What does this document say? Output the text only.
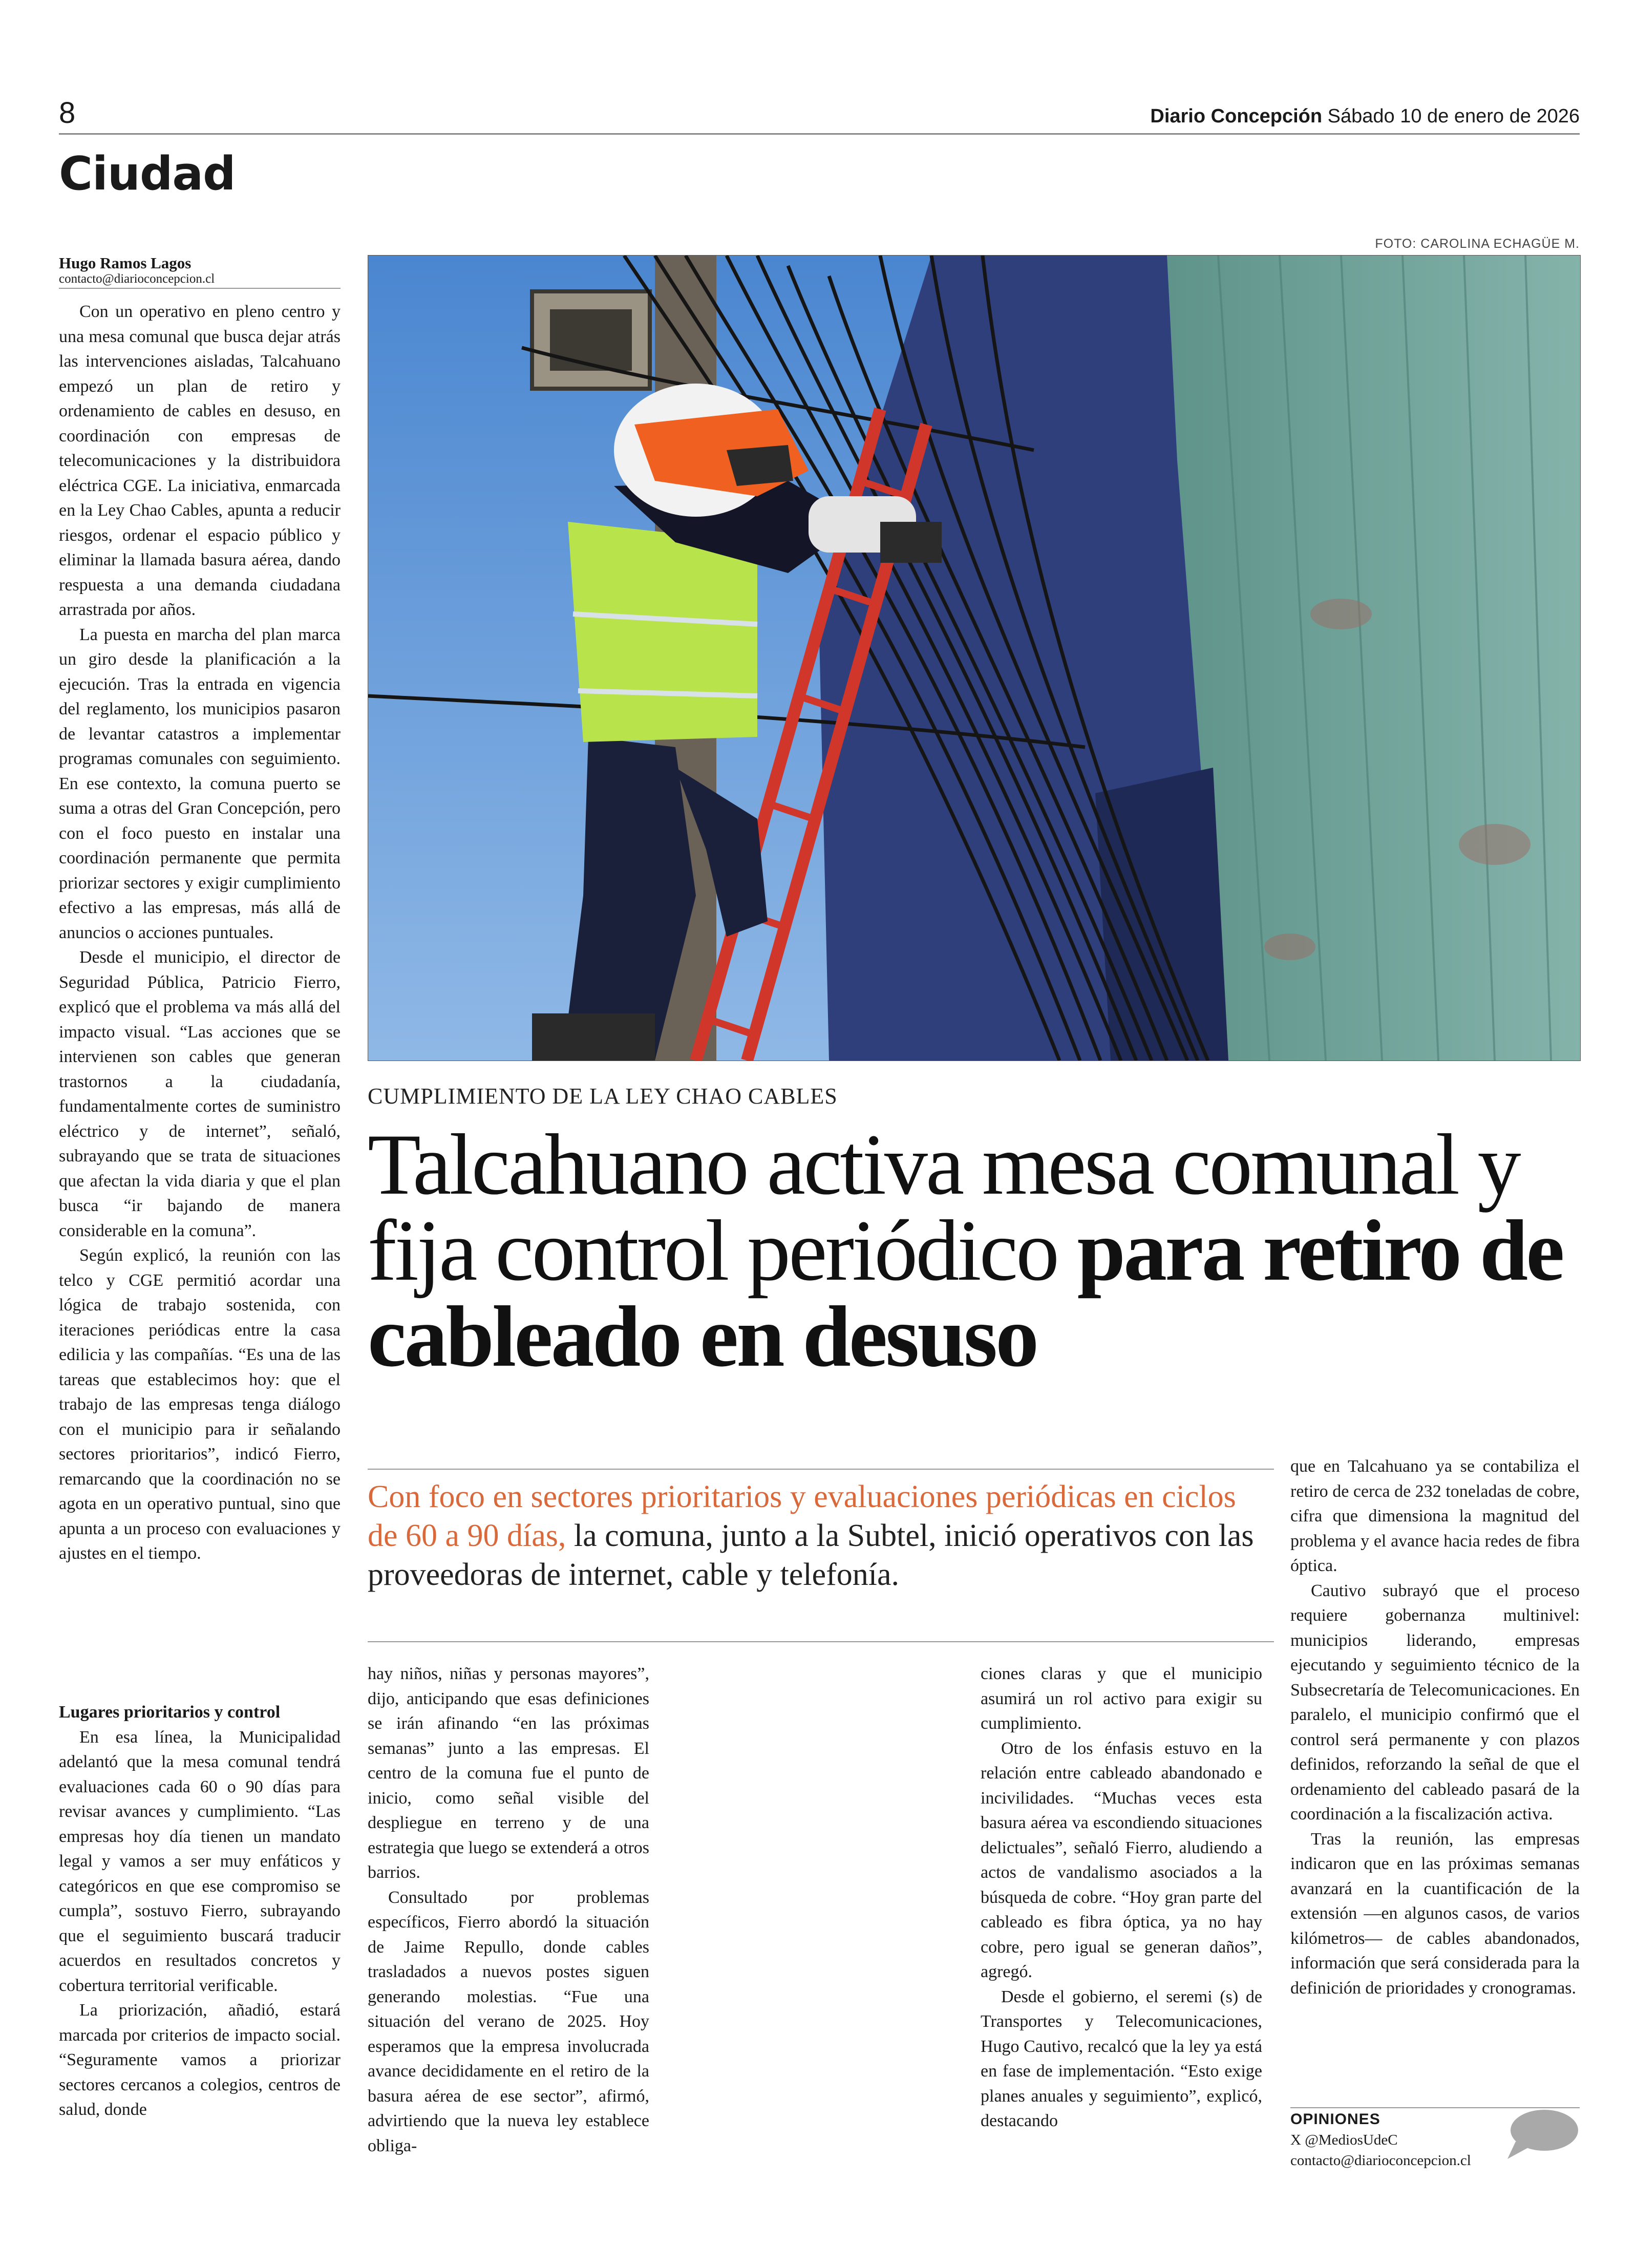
8	Diario Concepción Sábado 10 de enero de 2026
Ciudad
Hugo Ramos Lagos
contacto@diarioconcepcion.cl

Con un operativo en pleno centro y una mesa comunal que busca dejar atrás las intervenciones aisladas, Talcahuano empezó un plan de retiro y ordenamiento de cables en desuso, en coordinación con empresas de telecomunicaciones y la distribuidora eléctrica CGE. La iniciativa, enmarcada en la Ley Chao Cables, apunta a reducir riesgos, ordenar el espacio público y eliminar la llamada basura aérea, dando respuesta a una demanda ciudadana arrastrada por años.

La puesta en marcha del plan marca un giro desde la planificación a la ejecución. Tras la entrada en vigencia del reglamento, los municipios pasaron de levantar catastros a implementar programas comunales con seguimiento. En ese contexto, la comuna puerto se suma a otras del Gran Concepción, pero con el foco puesto en instalar una coordinación permanente que permita priorizar sectores y exigir cumplimiento efectivo a las empresas, más allá de anuncios o acciones puntuales.

Desde el municipio, el director de Seguridad Pública, Patricio Fierro, explicó que el problema va más allá del impacto visual. “Las acciones que se intervienen son cables que generan trastornos a la ciudadanía, fundamentalmente cortes de suministro eléctrico y de internet”, señaló, subrayando que se trata de situaciones que afectan la vida diaria y que el plan busca “ir bajando de manera considerable en la comuna”.

Según explicó, la reunión con las telco y CGE permitió acordar una lógica de trabajo sostenida, con iteraciones periódicas entre la casa edilicia y las compañías. “Es una de las tareas que establecimos hoy: que el trabajo de las empresas tenga diálogo con el municipio para ir señalando sectores prioritarios”, indicó Fierro, remarcando que la coordinación no se agota en un operativo puntual, sino que apunta a un proceso con evaluaciones y ajustes en el tiempo.

Lugares prioritarios y control

En esa línea, la Municipalidad adelantó que la mesa comunal tendrá evaluaciones cada 60 o 90 días para revisar avances y cumplimiento. “Las empresas hoy día tienen un mandato legal y vamos a ser muy enfáticos y categóricos en que ese compromiso se cumpla”, sostuvo Fierro, subrayando que el seguimiento buscará traducir acuerdos en resultados concretos y cobertura territorial verificable.

La priorización, añadió, estará marcada por criterios de impacto social. “Seguramente vamos a priorizar sectores cercanos a colegios, centros de salud, donde

FOTO: CAROLINA ECHAGÜE M.
CUMPLIMIENTO DE LA LEY CHAO CABLES
Talcahuano activa mesa comunal y fija control periódico para retiro de cableado en desuso
Con foco en sectores prioritarios y evaluaciones periódicas en ciclos de 60 a 90 días, la comuna, junto a la Subtel, inició operativos con las proveedoras de internet, cable y telefonía.

hay niños, niñas y personas mayores”, dijo, anticipando que esas definiciones se irán afinando “en las próximas semanas” junto a las empresas. El centro de la comuna fue el punto de inicio, como señal visible del despliegue en terreno y de una estrategia que luego se extenderá a otros barrios.

Consultado por problemas específicos, Fierro abordó la situación de Jaime Repullo, donde cables trasladados a nuevos postes siguen generando molestias. “Fue una situación del verano de 2025. Hoy esperamos que la empresa involucrada avance decididamente en el retiro de la basura aérea de ese sector”, afirmó, advirtiendo que la nueva ley establece obliga-

ciones claras y que el municipio asumirá un rol activo para exigir su cumplimiento.

Otro de los énfasis estuvo en la relación entre cableado abandonado e incivilidades. “Muchas veces esta basura aérea va escondiendo situaciones delictuales”, señaló Fierro, aludiendo a actos de vandalismo asociados a la búsqueda de cobre. “Hoy gran parte del cableado es fibra óptica, ya no hay cobre, pero igual se generan daños”, agregó.

Desde el gobierno, el seremi (s) de Transportes y Telecomunicaciones, Hugo Cautivo, recalcó que la ley ya está en fase de implementación. “Esto exige planes anuales y seguimiento”, explicó, destacando

que en Talcahuano ya se contabiliza el retiro de cerca de 232 toneladas de cobre, cifra que dimensiona la magnitud del problema y el avance hacia redes de fibra óptica.

Cautivo subrayó que el proceso requiere gobernanza multinivel: municipios liderando, empresas ejecutando y seguimiento técnico de la Subsecretaría de Telecomunicaciones. En paralelo, el municipio confirmó que el control será permanente y con plazos definidos, reforzando la señal de que el ordenamiento del cableado pasará de la coordinación a la fiscalización activa.

Tras la reunión, las empresas indicaron que en las próximas semanas avanzará en la cuantificación de la extensión —en algunos casos, de varios kilómetros— de cables abandonados, información que será considerada para la definición de prioridades y cronogramas.

OPINIONES
X @MediosUdeC
contacto@diarioconcepcion.cl
